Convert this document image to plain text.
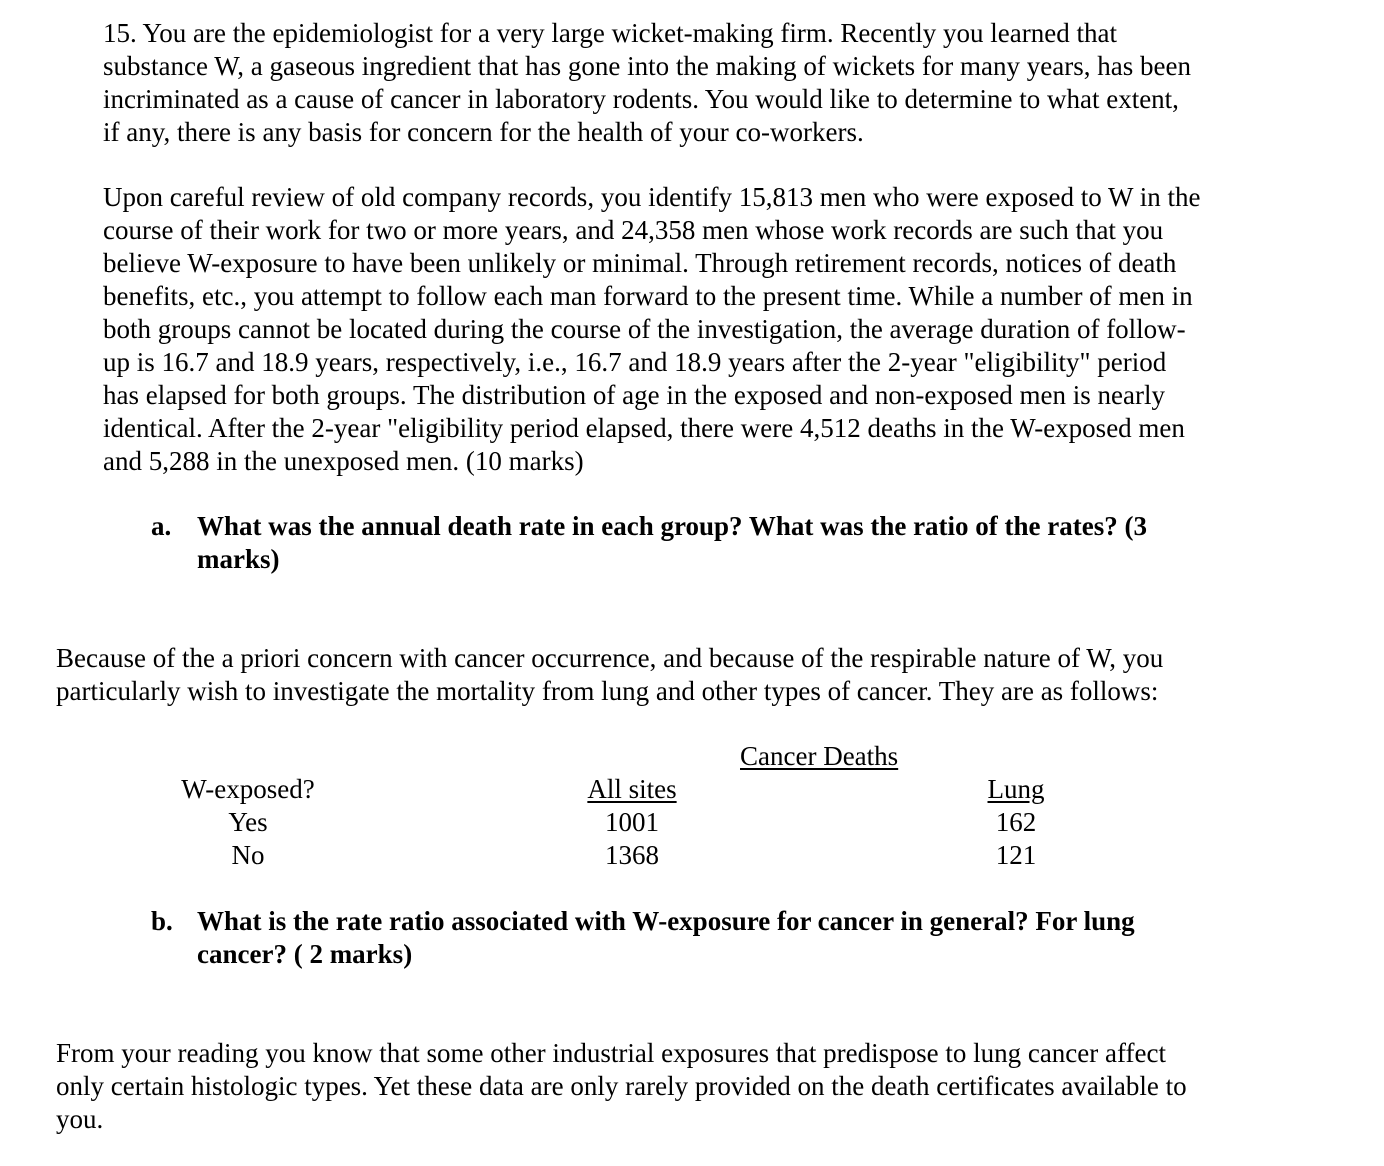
15. You are the epidemiologist for a very large wicket-making firm. Recently you learned that
substance W, a gaseous ingredient that has gone into the making of wickets for many years, has been
incriminated as a cause of cancer in laboratory rodents. You would like to determine to what extent,
if any, there is any basis for concern for the health of your co-workers.
Upon careful review of old company records, you identify 15,813 men who were exposed to W in the
course of their work for two or more years, and 24,358 men whose work records are such that you
believe W-exposure to have been unlikely or minimal. Through retirement records, notices of death
benefits, etc., you attempt to follow each man forward to the present time. While a number of men in
both groups cannot be located during the course of the investigation, the average duration of follow-
up is 16.7 and 18.9 years, respectively, i.e., 16.7 and 18.9 years after the 2-year "eligibility" period
has elapsed for both groups. The distribution of age in the exposed and non-exposed men is nearly
identical. After the 2-year "eligibility period elapsed, there were 4,512 deaths in the W-exposed men
and 5,288 in the unexposed men. (10 marks)
a. What was the annual death rate in each group? What was the ratio of the rates? (3
marks)
Because of the a priori concern with cancer occurrence, and because of the respirable nature of W, you
particularly wish to investigate the mortality from lung and other types of cancer. They are as follows:
Cancer Deaths
W-exposed?	All sites	Lung
Yes	1001	162
No	1368	121
b. What is the rate ratio associated with W-exposure for cancer in general? For lung
cancer? ( 2 marks)
From your reading you know that some other industrial exposures that predispose to lung cancer affect
only certain histologic types. Yet these data are only rarely provided on the death certificates available to
you.
